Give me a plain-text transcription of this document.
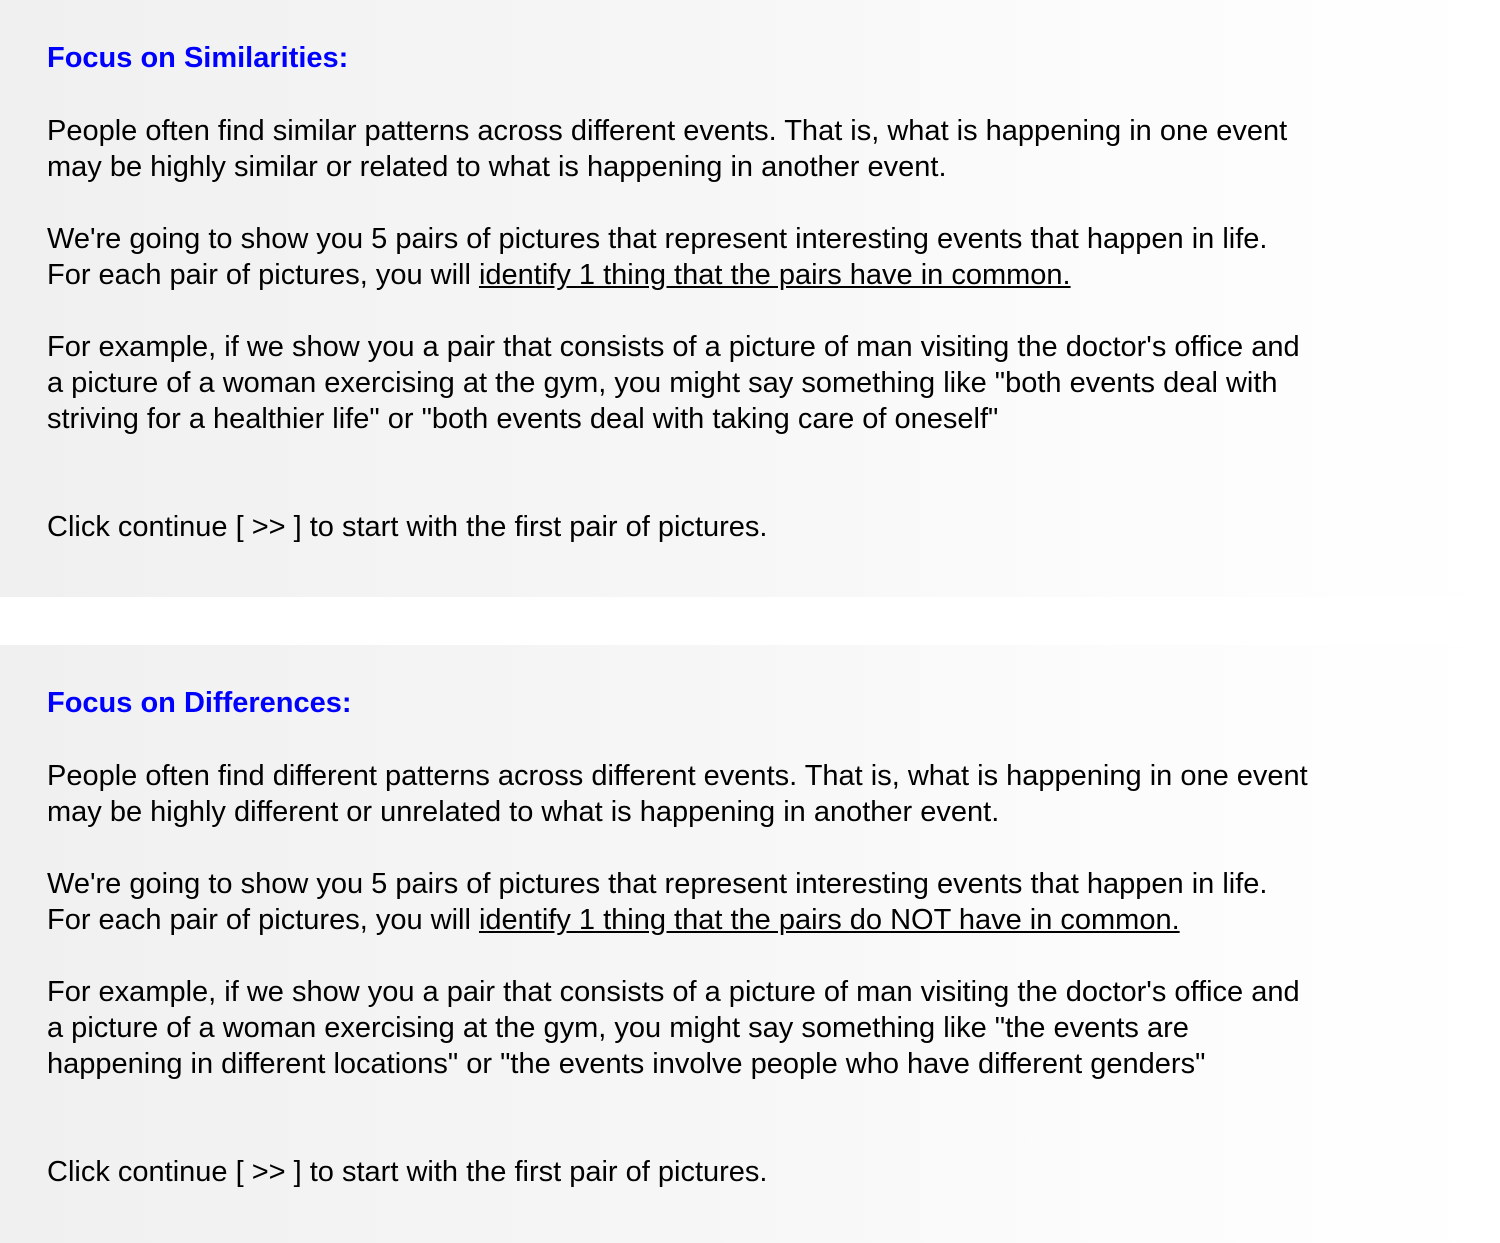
Focus on Similarities:

People often find similar patterns across different events. That is, what is happening in one event
may be highly similar or related to what is happening in another event.

We're going to show you 5 pairs of pictures that represent interesting events that happen in life.
For each pair of pictures, you will identify 1 thing that the pairs have in common.

For example, if we show you a pair that consists of a picture of man visiting the doctor's office and
a picture of a woman exercising at the gym, you might say something like "both events deal with
striving for a healthier life" or "both events deal with taking care of oneself"

Click continue [ >> ] to start with the first pair of pictures.

Focus on Differences:

People often find different patterns across different events. That is, what is happening in one event
may be highly different or unrelated to what is happening in another event.

We're going to show you 5 pairs of pictures that represent interesting events that happen in life.
For each pair of pictures, you will identify 1 thing that the pairs do NOT have in common.

For example, if we show you a pair that consists of a picture of man visiting the doctor's office and
a picture of a woman exercising at the gym, you might say something like "the events are
happening in different locations" or "the events involve people who have different genders"

Click continue [ >> ] to start with the first pair of pictures.
